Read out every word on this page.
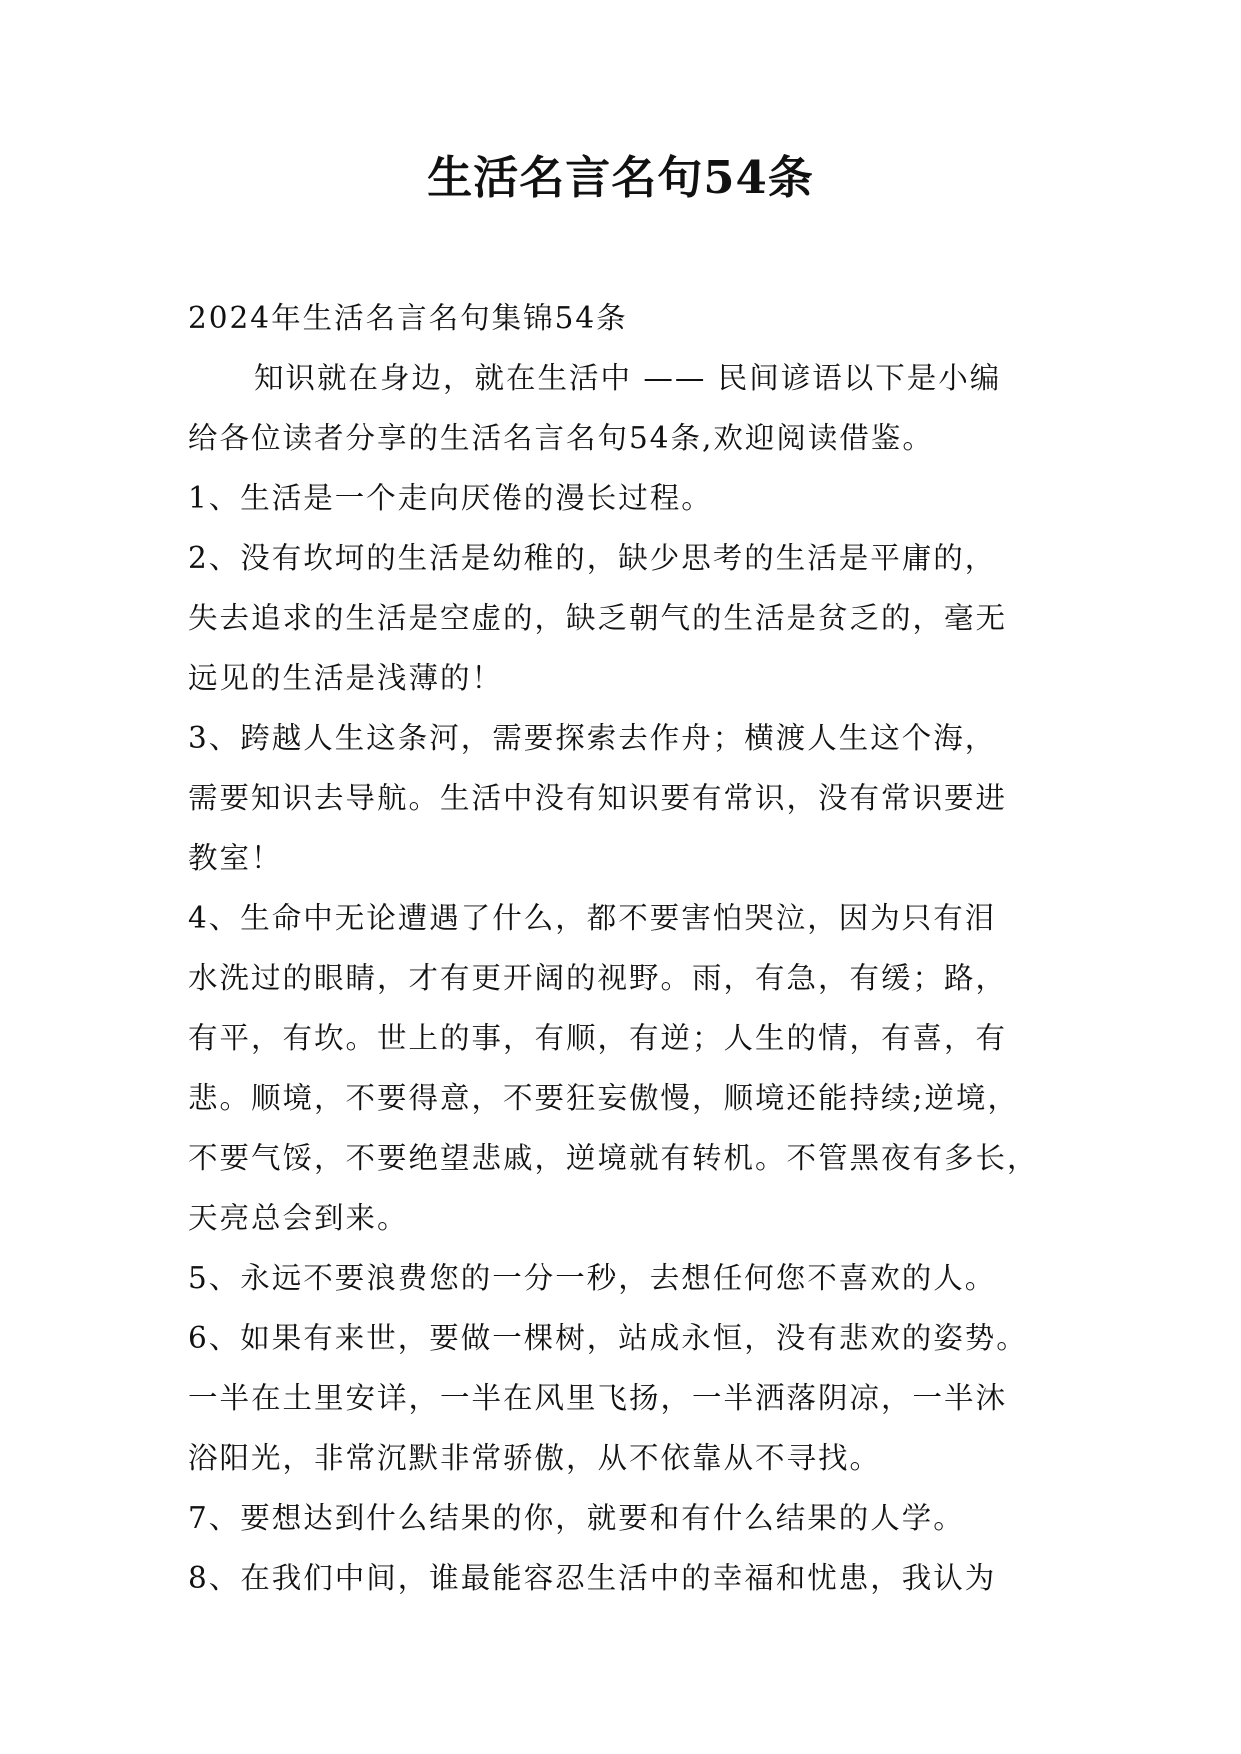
生活名言名句54条
2024年生活名言名句集锦54条
知识就在身边，就在生活中 —— 民间谚语以下是小编
给各位读者分享的生活名言名句54条,欢迎阅读借鉴。
1、生活是一个走向厌倦的漫长过程。
2、没有坎坷的生活是幼稚的，缺少思考的生活是平庸的，
失去追求的生活是空虚的，缺乏朝气的生活是贫乏的，毫无
远见的生活是浅薄的！
3、跨越人生这条河，需要探索去作舟；横渡人生这个海，
需要知识去导航。生活中没有知识要有常识，没有常识要进
教室！
4、生命中无论遭遇了什么，都不要害怕哭泣，因为只有泪
水洗过的眼睛，才有更开阔的视野。雨，有急，有缓；路，
有平，有坎。世上的事，有顺，有逆；人生的情，有喜，有
悲。顺境，不要得意，不要狂妄傲慢，顺境还能持续;逆境，
不要气馁，不要绝望悲戚，逆境就有转机。不管黑夜有多长，
天亮总会到来。
5、永远不要浪费您的一分一秒，去想任何您不喜欢的人。
6、如果有来世，要做一棵树，站成永恒，没有悲欢的姿势。
一半在土里安详，一半在风里飞扬，一半洒落阴凉，一半沐
浴阳光，非常沉默非常骄傲，从不依靠从不寻找。
7、要想达到什么结果的你，就要和有什么结果的人学。
8、在我们中间，谁最能容忍生活中的幸福和忧患，我认为
